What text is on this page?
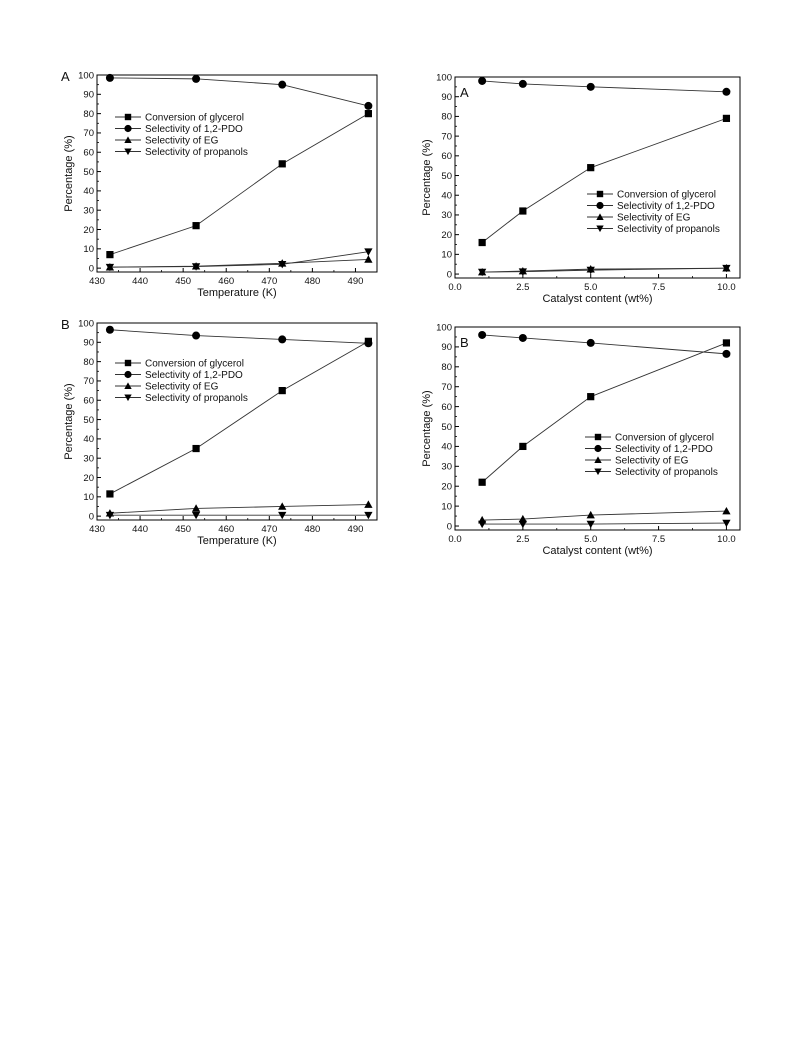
0
10
20
30
40
50
60
70
80
90
100
430	440	450	460	470	480	490
Temperature (K)
Percentage (%)
A
Conversion of glycerol
Selectivity of 1,2-PDO
Selectivity of EG
Selectivity of propanols
0
10
20
30
40
50
60
70
80
90
100
0.0	2.5	5.0	7.5	10.0
Catalyst content (wt%)
Percentage (%)
A
Conversion of glycerol
Selectivity of 1,2-PDO
Selectivity of EG
Selectivity of propanols
0
10
20
30
40
50
60
70
80
90
100
430	440	450	460	470	480	490
Temperature (K)
Percentage (%)
B
Conversion of glycerol
Selectivity of 1,2-PDO
Selectivity of EG
Selectivity of propanols
0
10
20
30
40
50
60
70
80
90
100
0.0	2.5	5.0	7.5	10.0
Catalyst content (wt%)
Percentage (%)
B
Conversion of glycerol
Selectivity of 1,2-PDO
Selectivity of EG
Selectivity of propanols
